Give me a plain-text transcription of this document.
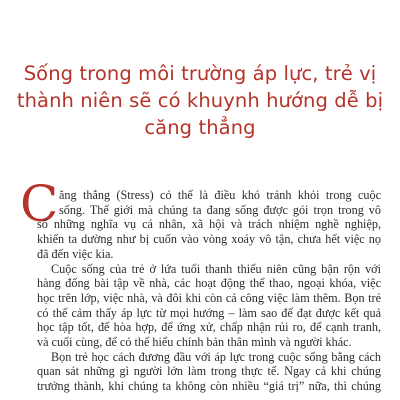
Sống trong môi trường áp lực, trẻ vị
thành niên sẽ có khuynh hướng dễ bị
căng thẳng
C ăng thẳng (Stress) có thể là điều khó tránh khỏi trong cuộc
sống. Thế giới mà chúng ta đang sống được gói trọn trong vô
số những nghĩa vụ cá nhân, xã hội và trách nhiệm nghề nghiệp,
khiến ta dường như bị cuốn vào vòng xoáy vô tận, chưa hết việc nọ
đã đến việc kia.
Cuộc sống của trẻ ở lứa tuổi thanh thiếu niên cũng bận rộn với
hàng đống bài tập về nhà, các hoạt động thể thao, ngoại khóa, việc
học trên lớp, việc nhà, và đôi khi còn cả công việc làm thêm. Bọn trẻ
có thể cảm thấy áp lực từ mọi hướng – làm sao để đạt được kết quả
học tập tốt, để hòa hợp, để ứng xử, chấp nhận rủi ro, để cạnh tranh,
và cuối cùng, để có thể hiểu chính bản thân mình và người khác.
Bọn trẻ học cách đương đầu với áp lực trong cuộc sống bằng cách
quan sát những gì người lớn làm trong thực tế. Ngay cả khi chúng
trưởng thành, khi chúng ta không còn nhiều “giá trị” nữa, thì chúng
